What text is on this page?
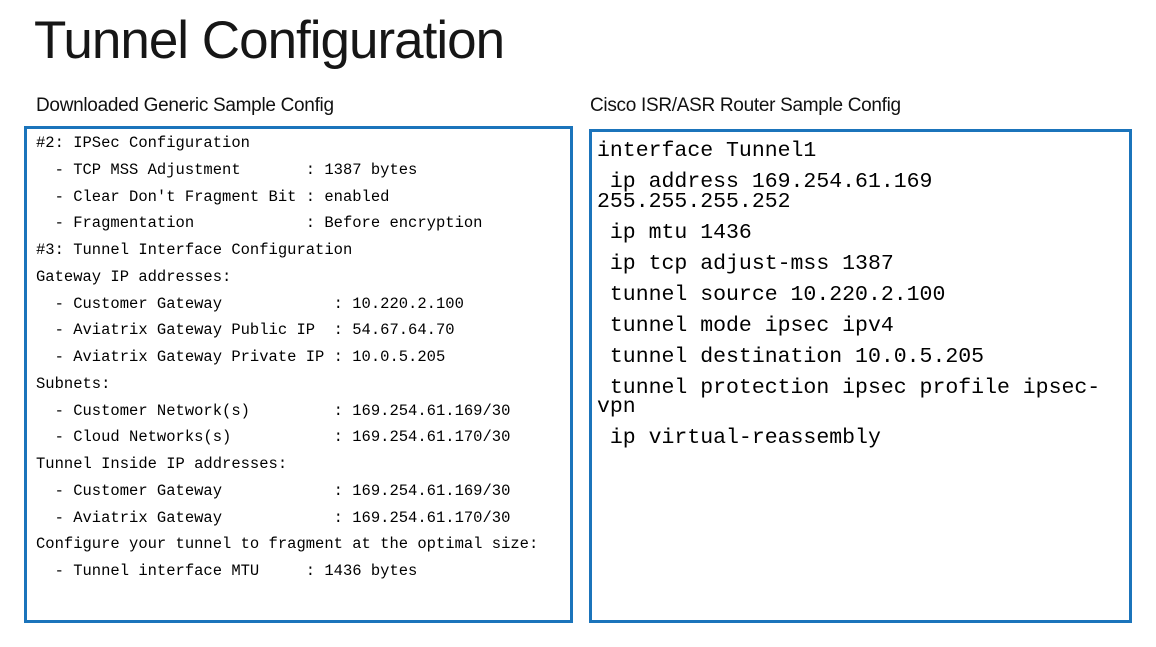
Tunnel Configuration
Downloaded Generic Sample Config	Cisco ISR/ASR Router Sample Config
#2: IPSec Configuration
- TCP MSS Adjustment       : 1387 bytes
- Clear Don't Fragment Bit : enabled
- Fragmentation            : Before encryption
#3: Tunnel Interface Configuration
Gateway IP addresses:
- Customer Gateway            : 10.220.2.100
- Aviatrix Gateway Public IP  : 54.67.64.70
- Aviatrix Gateway Private IP : 10.0.5.205
Subnets:
- Customer Network(s)         : 169.254.61.169/30
- Cloud Networks(s)           : 169.254.61.170/30
Tunnel Inside IP addresses:
- Customer Gateway            : 169.254.61.169/30
- Aviatrix Gateway            : 169.254.61.170/30
Configure your tunnel to fragment at the optimal size:
- Tunnel interface MTU     : 1436 bytes
interface Tunnel1
ip address 169.254.61.169
255.255.255.252
ip mtu 1436
ip tcp adjust-mss 1387
tunnel source 10.220.2.100
tunnel mode ipsec ipv4
tunnel destination 10.0.5.205
tunnel protection ipsec profile ipsec-
vpn
ip virtual-reassembly
